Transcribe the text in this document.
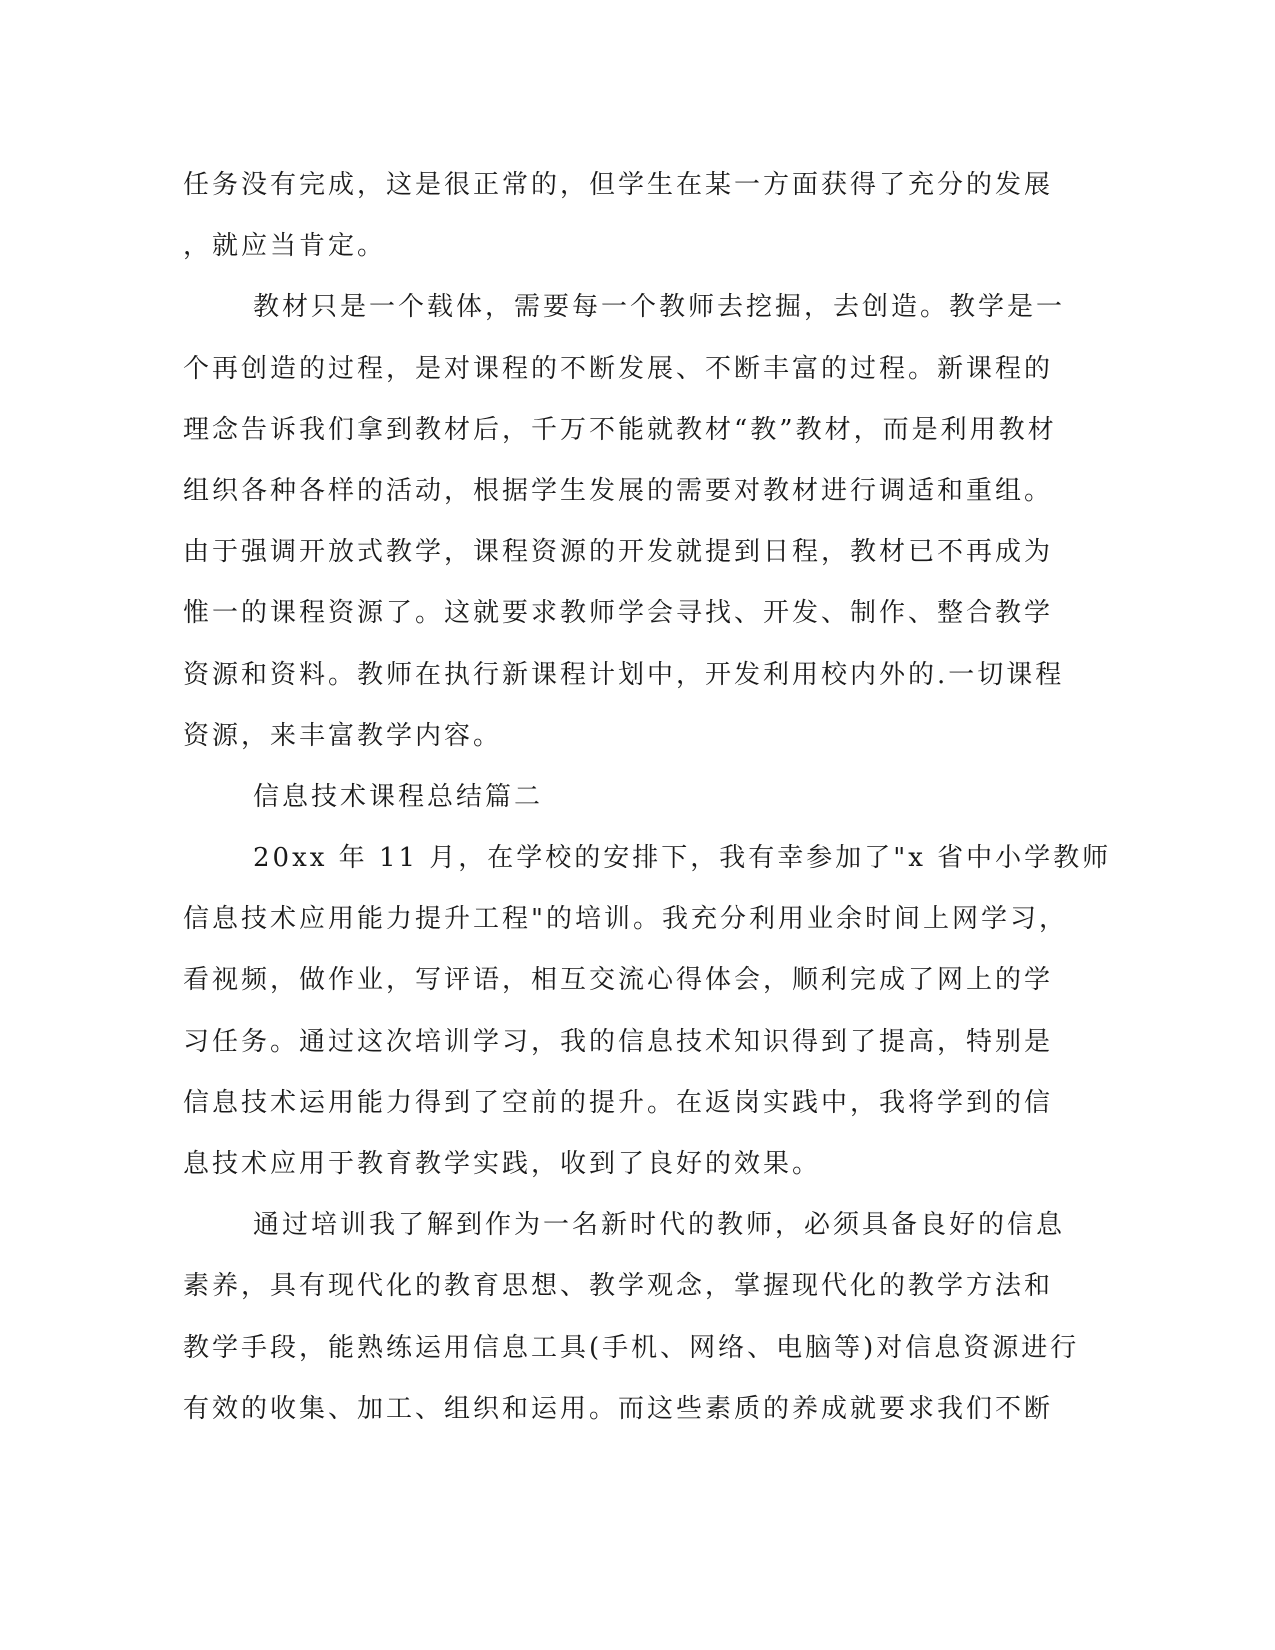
任务没有完成，这是很正常的，但学生在某一方面获得了充分的发展
，就应当肯定。
教材只是一个载体，需要每一个教师去挖掘，去创造。教学是一
个再创造的过程，是对课程的不断发展、不断丰富的过程。新课程的
理念告诉我们拿到教材后，千万不能就教材“教”教材，而是利用教材
组织各种各样的活动，根据学生发展的需要对教材进行调适和重组。
由于强调开放式教学，课程资源的开发就提到日程，教材已不再成为
惟一的课程资源了。这就要求教师学会寻找、开发、制作、整合教学
资源和资料。教师在执行新课程计划中，开发利用校内外的.一切课程
资源，来丰富教学内容。
信息技术课程总结篇二
20xx 年 11 月，在学校的安排下，我有幸参加了"x 省中小学教师
信息技术应用能力提升工程"的培训。我充分利用业余时间上网学习，
看视频，做作业，写评语，相互交流心得体会，顺利完成了网上的学
习任务。通过这次培训学习，我的信息技术知识得到了提高，特别是
信息技术运用能力得到了空前的提升。在返岗实践中，我将学到的信
息技术应用于教育教学实践，收到了良好的效果。
通过培训我了解到作为一名新时代的教师，必须具备良好的信息
素养，具有现代化的教育思想、教学观念，掌握现代化的教学方法和
教学手段，能熟练运用信息工具(手机、网络、电脑等)对信息资源进行
有效的收集、加工、组织和运用。而这些素质的养成就要求我们不断
